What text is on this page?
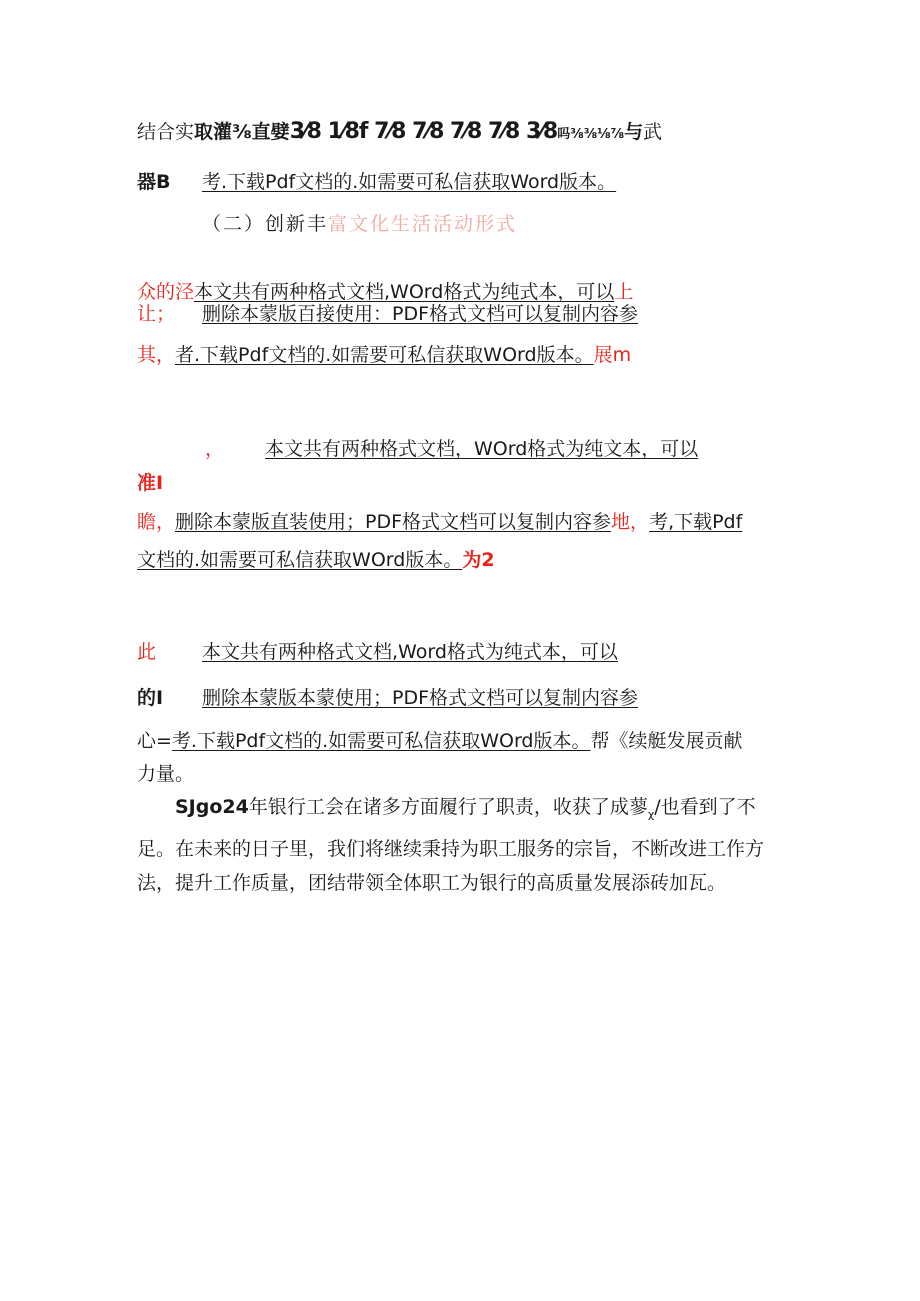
结合实取灌⅜直嬖3⁄8 1⁄8f 7⁄8 7⁄8 7⁄8 7⁄8 3⁄8吗⅜⅜⅛⅞与武
器B 考.下载Pdf文档的.如需要可私信获取Word版本。
（二）创新丰富文化生活活动形式
众的泾本文共有两种格式文档,WOrd格式为纯式本，可以上
让； 删除本蒙版百接使用：PDF格式文档可以复制内容参
其，者.下载Pdf文档的.如需要可私信获取WOrd版本。展m
， 本文共有两种格式文档，WOrd格式为纯文本，可以
准I
瞻，删除本蒙版直装使用；PDF格式文档可以复制内容参地，考,下载Pdf
文档的.如需要可私信获取WOrd版本。为2
此 本文共有两种格式文档,Word格式为纯式本，可以
的I 删除本蒙版本蒙使用；PDF格式文档可以复制内容参
心=考.下载Pdf文档的.如需要可私信获取WOrd版本。帮《续艇发展贡献
力量。
SJgo24年银行工会在诸多方面履行了职责，收获了成蓼$_\chi$/也看到了不足。在未来的日子里，我们将继续秉持为职工服务的宗旨，不断改进工作方法，提升工作质量，团结带领全体职工为银行的高质量发展添砖加瓦。
